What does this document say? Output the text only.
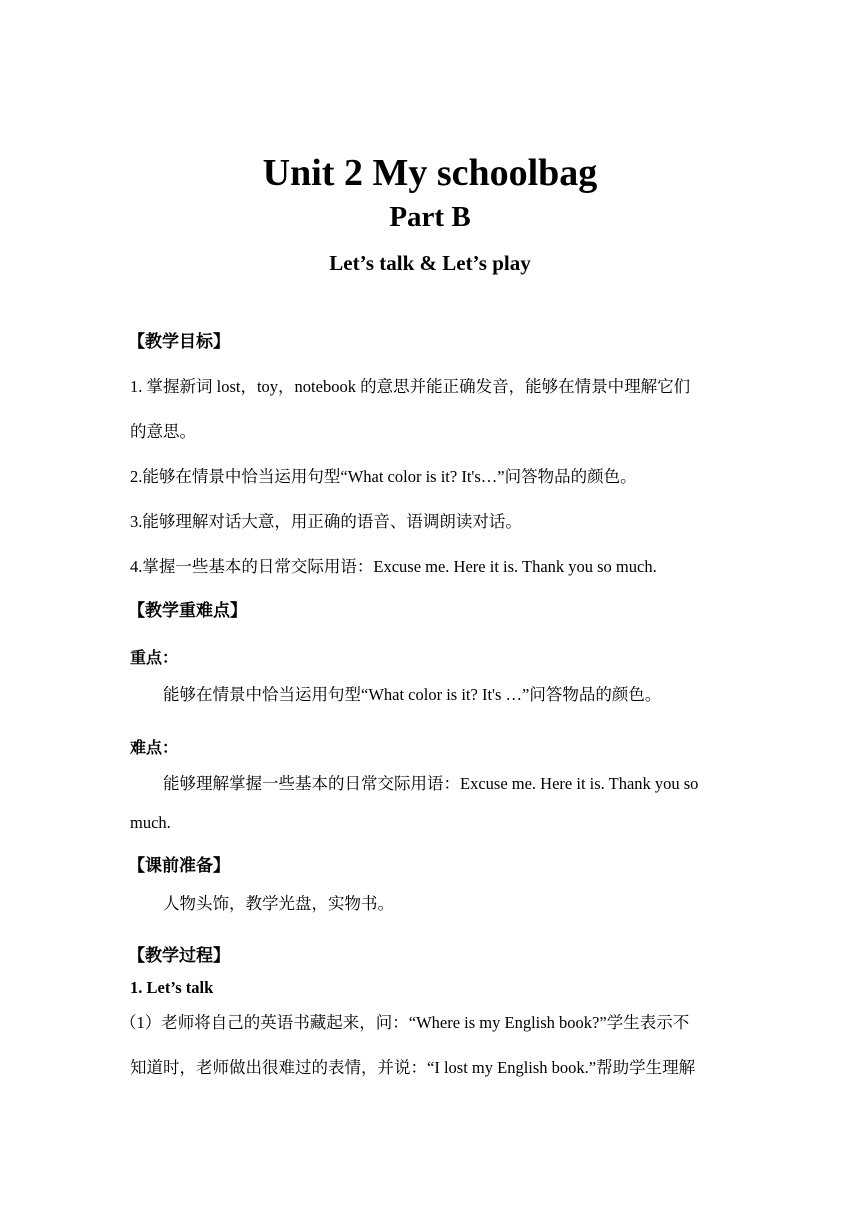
Unit 2 My schoolbag
Part B
Let’s talk & Let’s play
【教学目标】
1. 掌握新词 lost，toy，notebook 的意思并能正确发音，能够在情景中理解它们
的意思。
2.能够在情景中恰当运用句型“What color is it? It's…”问答物品的颜色。
3.能够理解对话大意，用正确的语音、语调朗读对话。
4.掌握一些基本的日常交际用语：Excuse me. Here it is. Thank you so much.
【教学重难点】
重点：
能够在情景中恰当运用句型“What color is it? It's …”问答物品的颜色。
难点：
能够理解掌握一些基本的日常交际用语：Excuse me. Here it is. Thank you so
much.
【课前准备】
人物头饰，教学光盘，实物书。
【教学过程】
1. Let’s talk
（1）老师将自己的英语书藏起来，问：“Where is my English book?”学生表示不
知道时，老师做出很难过的表情，并说：“I lost my English book.”帮助学生理解
